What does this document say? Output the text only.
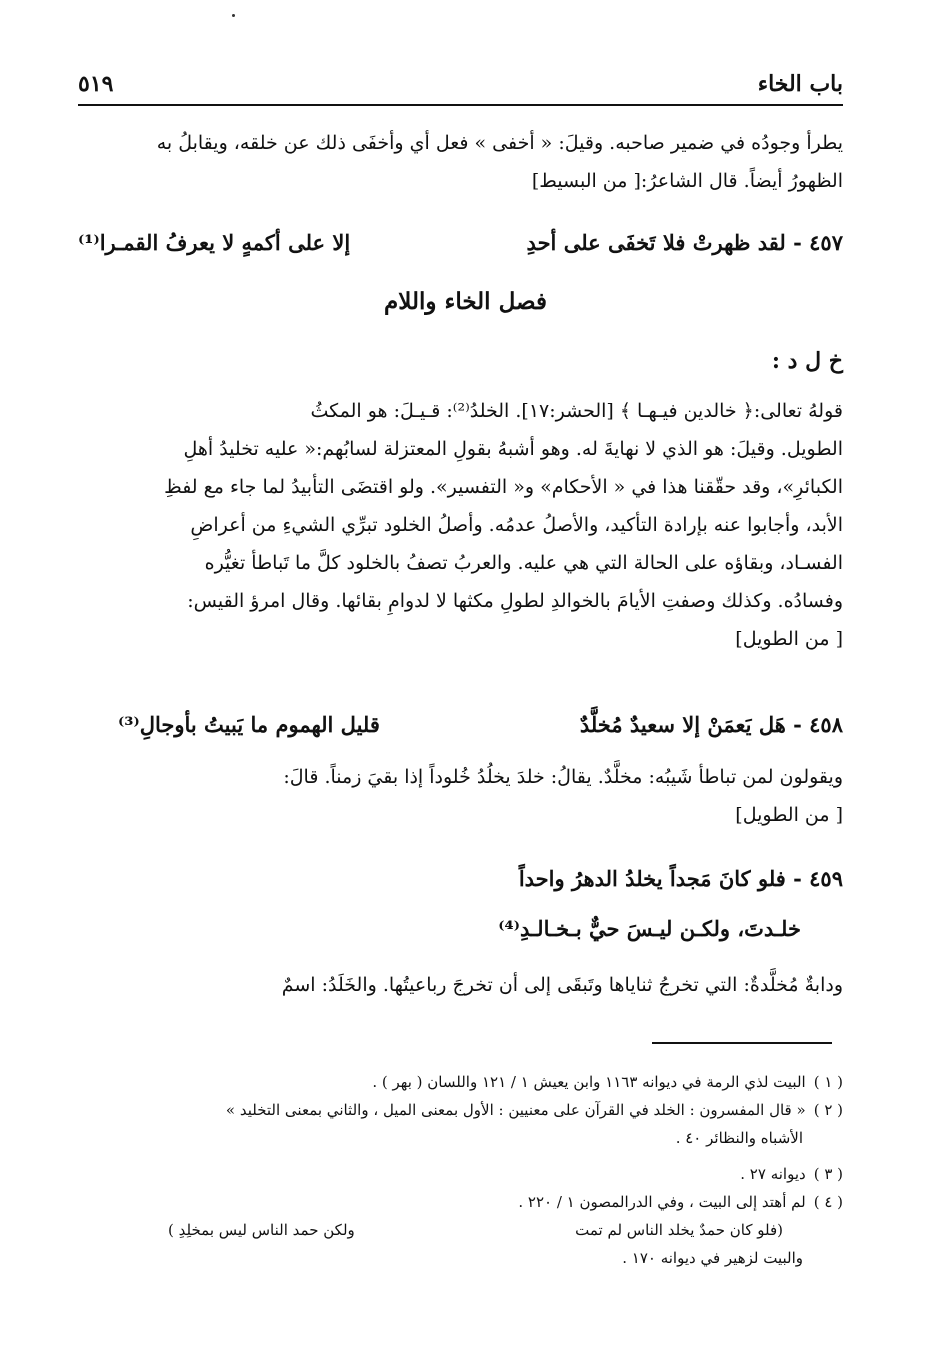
باب الخاء
٥١٩
يطرأ وجودُه في ضمير صاحبه. وقيلَ: « أخفى » فعل أي وأخفَى ذلك عن خلقه، ويقابلُ به
الظهورُ أيضاً. قال الشاعرُ:[ من البسيط]
٤٥٧ - لقد ظهرتْ فلا تَخفَى على أحدِ
إلا على أكمهٍ لا يعرفُ القمـرا⁽¹⁾
فصل الخاء واللام
خ ل د :
قولهُ تعالى:﴿ خالدين فيـهـا ﴾ [الحشر:١٧]. الخلدُ⁽²⁾: قـيـلَ: هو المكثُ
الطويل. وقيلَ: هو الذي لا نهايةَ له. وهو أشبهُ بقولِ المعتزلة لسابُهم:« عليه تخليدُ أهلِ
الكبائرِ»، وقد حقّقنا هذا في « الأحكام» و« التفسير». ولو اقتضَى التأبيدُ لما جاء مع لفظِ
الأبد، وأجابوا عنه بإرادة التأكيد، والأصلُ عدمُه. وأصلُ الخلود تبرِّي الشيءِ من أعراضِ
الفسـاد، وبقاؤه على الحالة التي هي عليه. والعربُ تصفُ بالخلود كلَّ ما تَباطأ تغيُّره
وفسادُه. وكذلك وصفتِ الأيامَ بالخوالدِ لطولِ مكثها لا لدوامِ بقائها. وقال امرؤ القيس:
[ من الطويل]
٤٥٨ - هَل يَعمَنْ إلا سعيدٌ مُخلَّدٌ
قليل الهموم ما يَبيتُ بأوجالِ⁽³⁾
ويقولون لمن تباطأ شَيبُه: مخلَّدٌ. يقالُ: خلدَ يخلُدُ خُلوداً إذا بقيَ زمناً. قالَ:
[ من الطويل]
٤٥٩ - فلو كانَ مَجداً يخلدُ الدهرُ واحداً
خلـدتَ، ولكـن ليـسَ حيٌّ بـخـالـدِ⁽⁴⁾
ودابةٌ مُخلَّدةٌ: التي تخرجُ ثناياها وتَبقَى إلى أن تخرجَ رباعيتُها. والخَلَدُ: اسمٌ
( ١ )
البيت لذي الرمة في ديوانه ١١٦٣ وابن يعيش ١ / ١٢١ واللسان ( بهر ) .
( ٢ )
« قال المفسرون : الخلد في القرآن على معنيين : الأول بمعنى الميل ، والثاني بمعنى التخليد »
الأشباه والنظائر ٤٠ .
( ٣ )
ديوانه ٢٧ .
( ٤ )
لم أهتد إلى البيت ، وفي الدرالمصون ١ / ٢٢٠ .
(فلو كان حمدٌ يخلد الناس لم تمت
ولكن حمد الناس ليس بمخلِدِ )
والبيت لزهير في ديوانه ١٧٠ .
